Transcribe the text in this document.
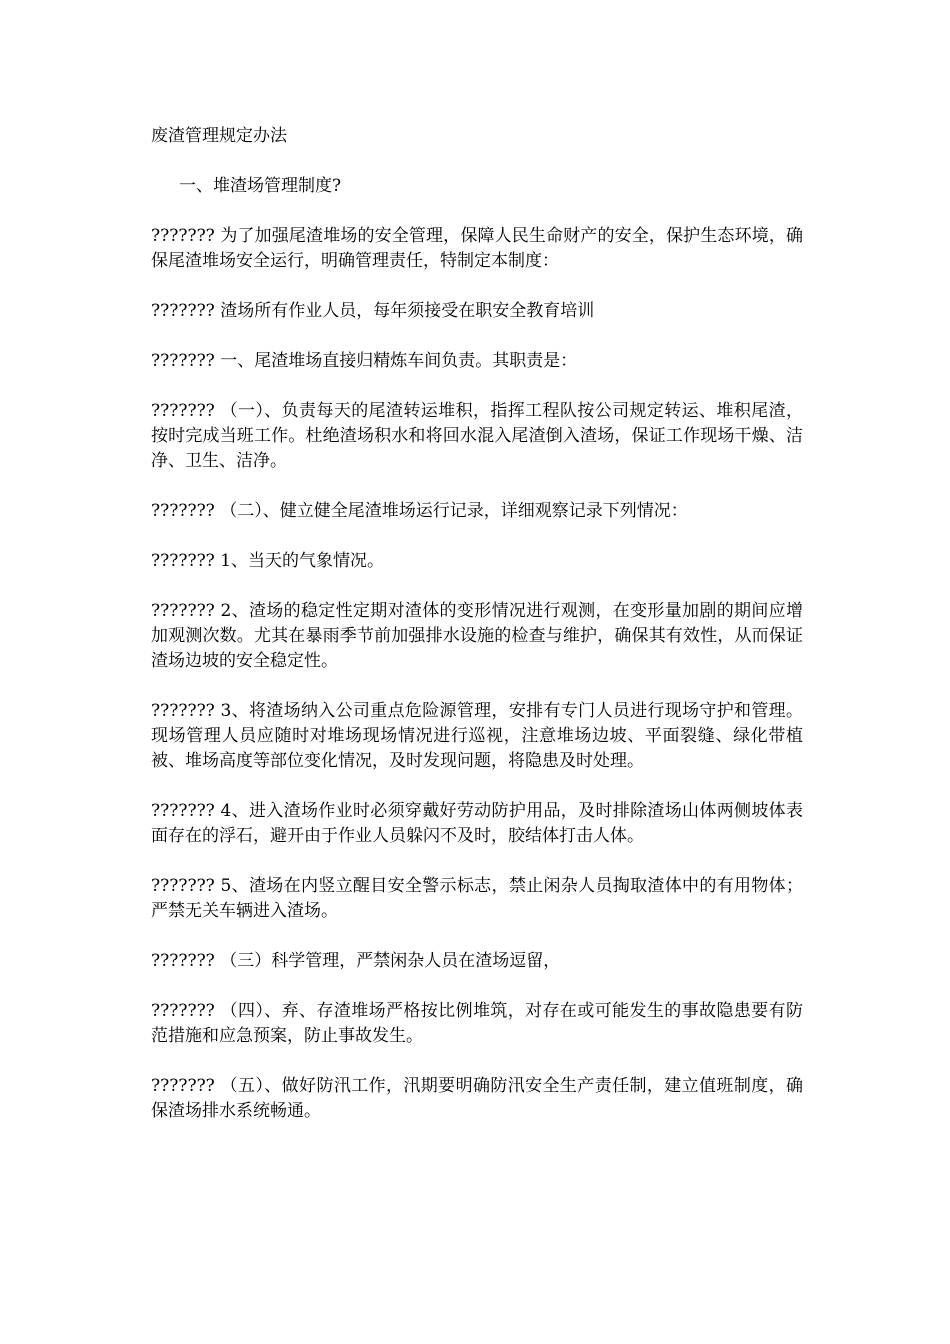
废渣管理规定办法

一、堆渣场管理制度?

??????? 为了加强尾渣堆场的安全管理，保障人民生命财产的安全，保护生态环境，确保尾渣堆场安全运行，明确管理责任，特制定本制度：

??????? 渣场所有作业人员，每年须接受在职安全教育培训

??????? 一、尾渣堆场直接归精炼车间负责。其职责是：

??????? （一）、负责每天的尾渣转运堆积，指挥工程队按公司规定转运、堆积尾渣，按时完成当班工作。杜绝渣场积水和将回水混入尾渣倒入渣场，保证工作现场干燥、洁净、卫生、洁净。

??????? （二）、健立健全尾渣堆场运行记录，详细观察记录下列情况：

??????? 1、当天的气象情况。

??????? 2、渣场的稳定性定期对渣体的变形情况进行观测，在变形量加剧的期间应增加观测次数。尤其在暴雨季节前加强排水设施的检查与维护，确保其有效性，从而保证渣场边坡的安全稳定性。

??????? 3、将渣场纳入公司重点危险源管理，安排有专门人员进行现场守护和管理。现场管理人员应随时对堆场现场情况进行巡视，注意堆场边坡、平面裂缝、绿化带植被、堆场高度等部位变化情况，及时发现问题，将隐患及时处理。

??????? 4、进入渣场作业时必须穿戴好劳动防护用品，及时排除渣场山体两侧坡体表面存在的浮石，避开由于作业人员躲闪不及时，胶结体打击人体。

??????? 5、渣场在内竖立醒目安全警示标志，禁止闲杂人员掏取渣体中的有用物体；严禁无关车辆进入渣场。

??????? （三）科学管理，严禁闲杂人员在渣场逗留，

??????? （四）、弃、存渣堆场严格按比例堆筑，对存在或可能发生的事故隐患要有防范措施和应急预案，防止事故发生。

??????? （五）、做好防汛工作，汛期要明确防汛安全生产责任制，建立值班制度，确保渣场排水系统畅通。
